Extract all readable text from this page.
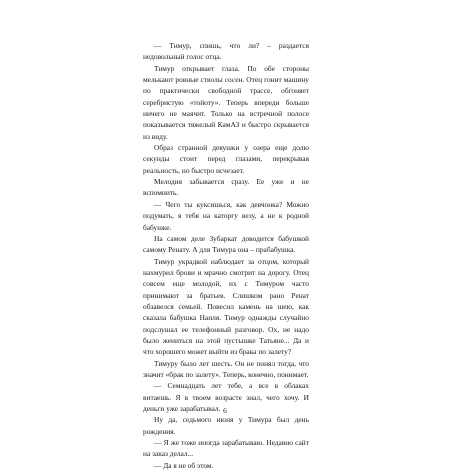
— Тимур, спишь, что ли? – раздается недовольный голос отца.

Тимур открывает глаза. По обе стороны мелькают ровные стволы сосен. Отец гонит машину по практически свободной трассе, обгоняет серебристую «тойоту». Теперь впереди больше ничего не маячит. Только на встречной полосе показывается тяжелый КамАЗ и быстро скрывается из виду.

Образ странной девушки у озера еще долю секунды стоит перед глазами, перекрывая реальность, но быстро исчезает.

Мелодия забывается сразу. Ее уже и не вспомнить.

— Чего ты куксишься, как девчонка? Можно подумать, я тебя на каторгу везу, а не к родной бабушке.

На самом деле Зубаркат доводится бабушкой самому Ренату. А для Тимура она – прабабушка.

Тимур украдкой наблюдает за отцом, который нахмурил брови и мрачно смотрит на дорогу. Отец совсем еще молодой, их с Тимуром часто принимают за братьев. Слишком рано Ренат обзавелся семьей. Повесил камень на шею, как сказала бабушка Наиля. Тимур однажды случайно подслушал ее телефонный разговор. Ох, не надо было жениться на этой пустышке Татьяне... Да и что хорошего может выйти из брака по залету?

Тимуру было лет шесть. Он не понял тогда, что значит «брак по залету». Теперь, конечно, понимает.

— Семнадцать лет тебе, а все в облаках витаешь. Я в твоем возрасте знал, чего хочу. И деньги уже зарабатывал.

Ну да, седьмого июня у Тимура был день рождения.

— Я же тоже иногда зарабатываю. Недавно сайт на заказ делал...

— Да я не об этом.

6
